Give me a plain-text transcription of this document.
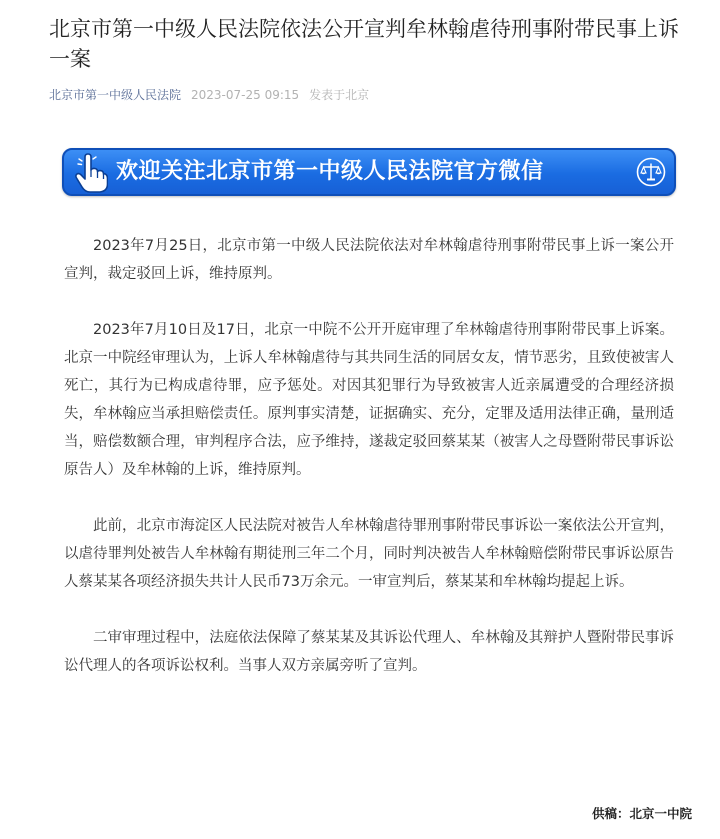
北京市第一中级人民法院依法公开宣判牟林翰虐待刑事附带民事上诉一案
北京市第一中级人民法院 2023-07-25 09:15 发表于北京
欢迎关注北京市第一中级人民法院官方微信

2023年7月25日，北京市第一中级人民法院依法对牟林翰虐待刑事附带民事上诉一案公开宣判，裁定驳回上诉，维持原判。

2023年7月10日及17日，北京一中院不公开开庭审理了牟林翰虐待刑事附带民事上诉案。北京一中院经审理认为，上诉人牟林翰虐待与其共同生活的同居女友，情节恶劣，且致使被害人死亡，其行为已构成虐待罪，应予惩处。对因其犯罪行为导致被害人近亲属遭受的合理经济损失，牟林翰应当承担赔偿责任。原判事实清楚，证据确实、充分，定罪及适用法律正确，量刑适当，赔偿数额合理，审判程序合法，应予维持，遂裁定驳回蔡某某（被害人之母暨附带民事诉讼原告人）及牟林翰的上诉，维持原判。

此前，北京市海淀区人民法院对被告人牟林翰虐待罪刑事附带民事诉讼一案依法公开宣判，以虐待罪判处被告人牟林翰有期徒刑三年二个月，同时判决被告人牟林翰赔偿附带民事诉讼原告人蔡某某各项经济损失共计人民币73万余元。一审宣判后，蔡某某和牟林翰均提起上诉。

二审审理过程中，法庭依法保障了蔡某某及其诉讼代理人、牟林翰及其辩护人暨附带民事诉讼代理人的各项诉讼权利。当事人双方亲属旁听了宣判。

供稿：北京一中院
